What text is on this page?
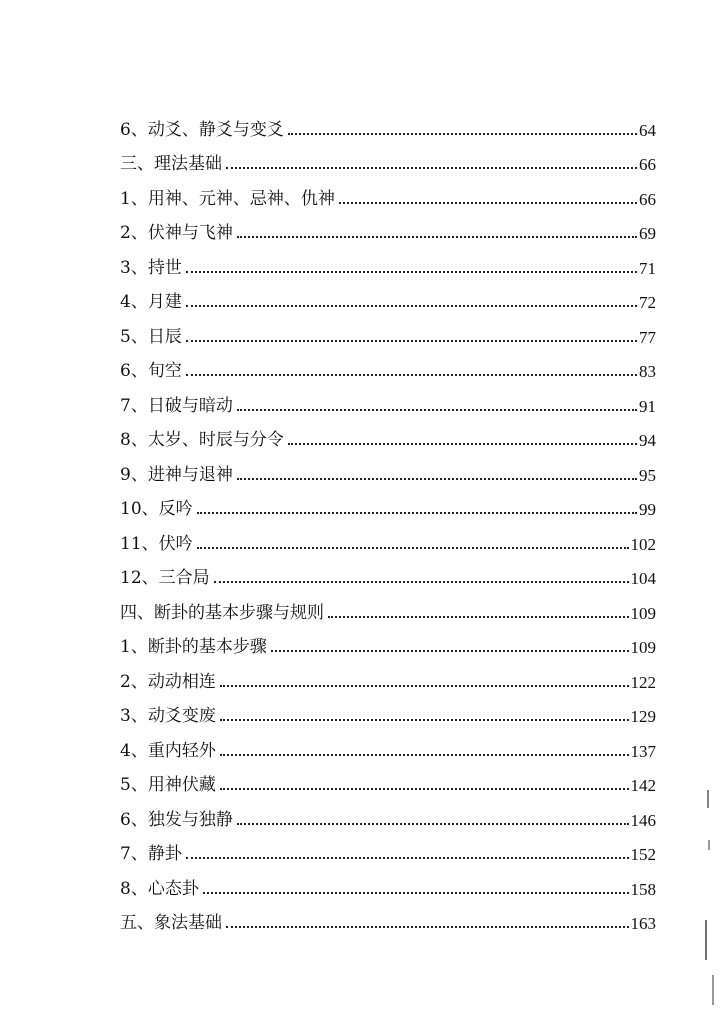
6、动爻、静爻与变爻	64
三、理法基础	66
1、用神、元神、忌神、仇神	66
2、伏神与飞神	69
3、持世	71
4、月建	72
5、日辰	77
6、旬空	83
7、日破与暗动	91
8、太岁、时辰与分令	94
9、进神与退神	95
10、反吟	99
11、伏吟	102
12、三合局	104
四、断卦的基本步骤与规则	109
1、断卦的基本步骤	109
2、动动相连	122
3、动爻变废	129
4、重内轻外	137
5、用神伏藏	142
6、独发与独静	146
7、静卦	152
8、心态卦	158
五、象法基础	163
